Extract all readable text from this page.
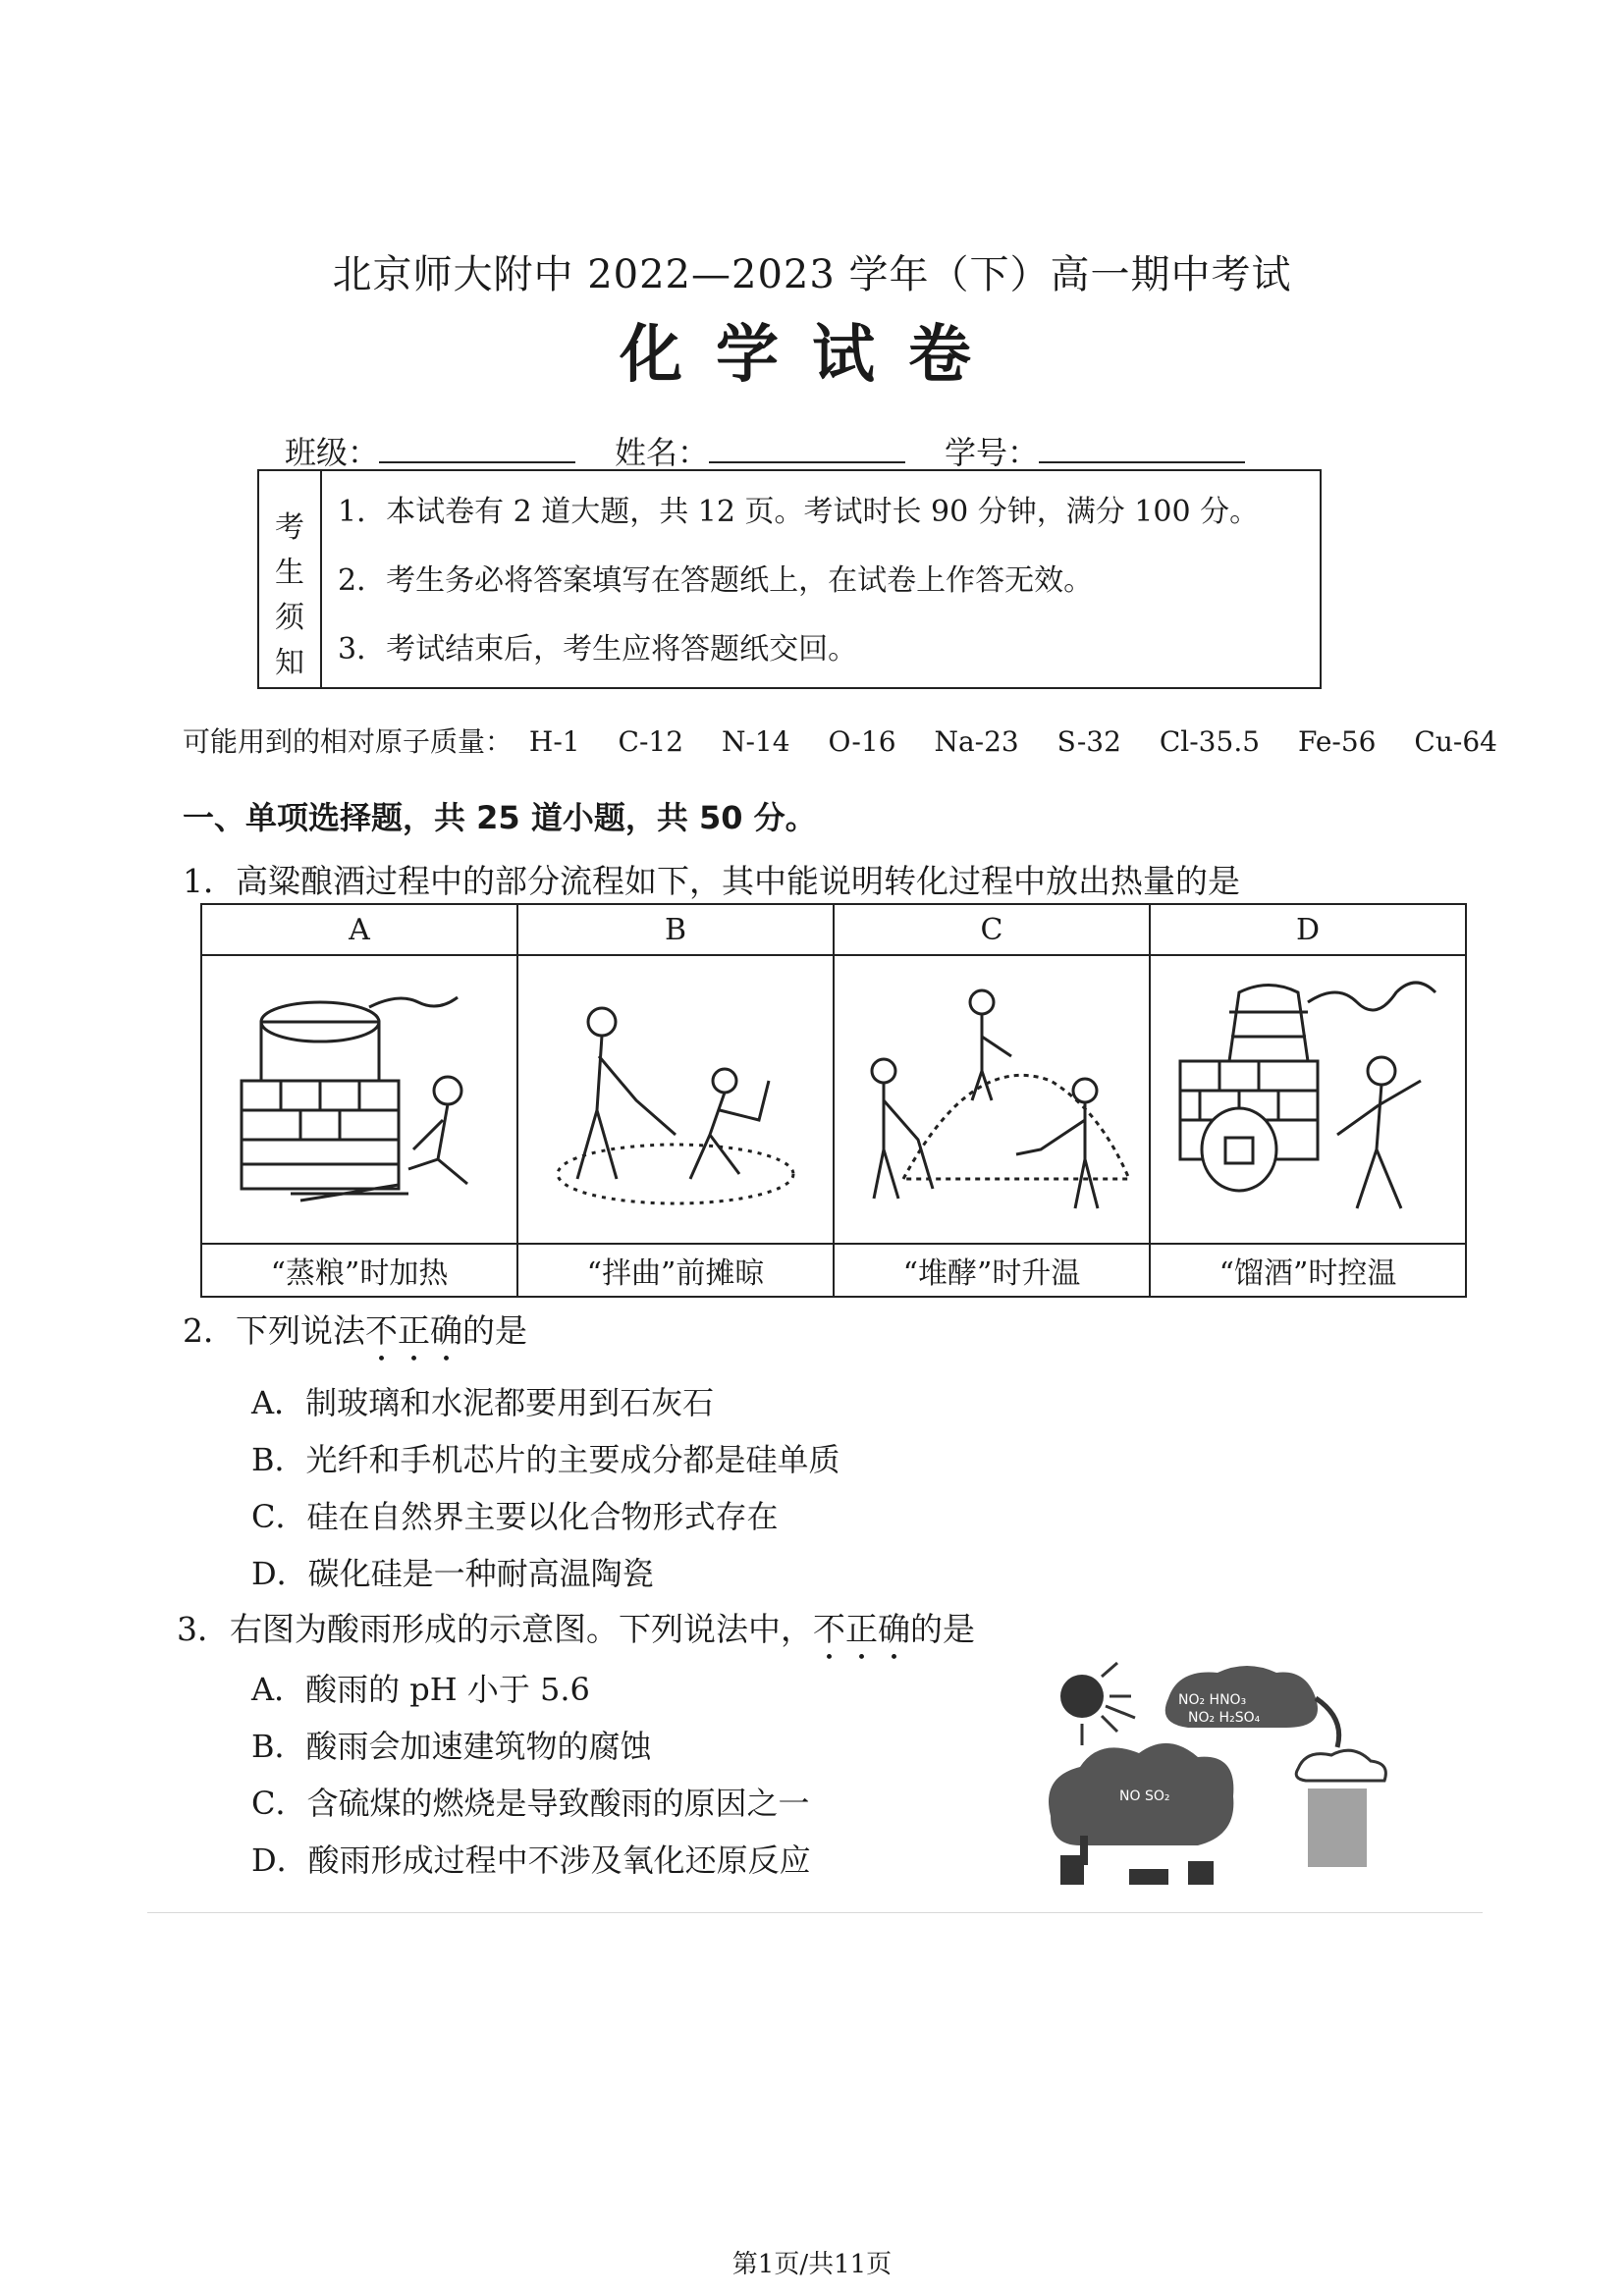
北京师大附中 2022—2023 学年（下）高一期中考试
化学试卷
班级：	姓名：	学号：
考
生
须
知
1．本试卷有 2 道大题，共 12 页。考试时长 90 分钟，满分 100 分。
2．考生务必将答案填写在答题纸上，在试卷上作答无效。
3．考试结束后，考生应将答题纸交回。
可能用到的相对原子质量： H-1 C-12 N-14 O-16 Na-23 S-32 Cl-35.5 Fe-56 Cu-64
一、单项选择题，共 25 道小题，共 50 分。
1．高粱酿酒过程中的部分流程如下，其中能说明转化过程中放出热量的是
A	B	C	D

“蒸粮”时加热	“拌曲”前摊晾	“堆酵”时升温	“馏酒”时控温
2．下列说法不正确的是
A．制玻璃和水泥都要用到石灰石
B．光纤和手机芯片的主要成分都是硅单质
C．硅在自然界主要以化合物形式存在
D．碳化硅是一种耐高温陶瓷
3．右图为酸雨形成的示意图。下列说法中，不正确的是
A．酸雨的 pH 小于 5.6
B．酸雨会加速建筑物的腐蚀
C．含硫煤的燃烧是导致酸雨的原因之一
D．酸雨形成过程中不涉及氧化还原反应
NO₂ HNO₃
NO₂ H₂SO₄
NO SO₂
第1页/共11页
